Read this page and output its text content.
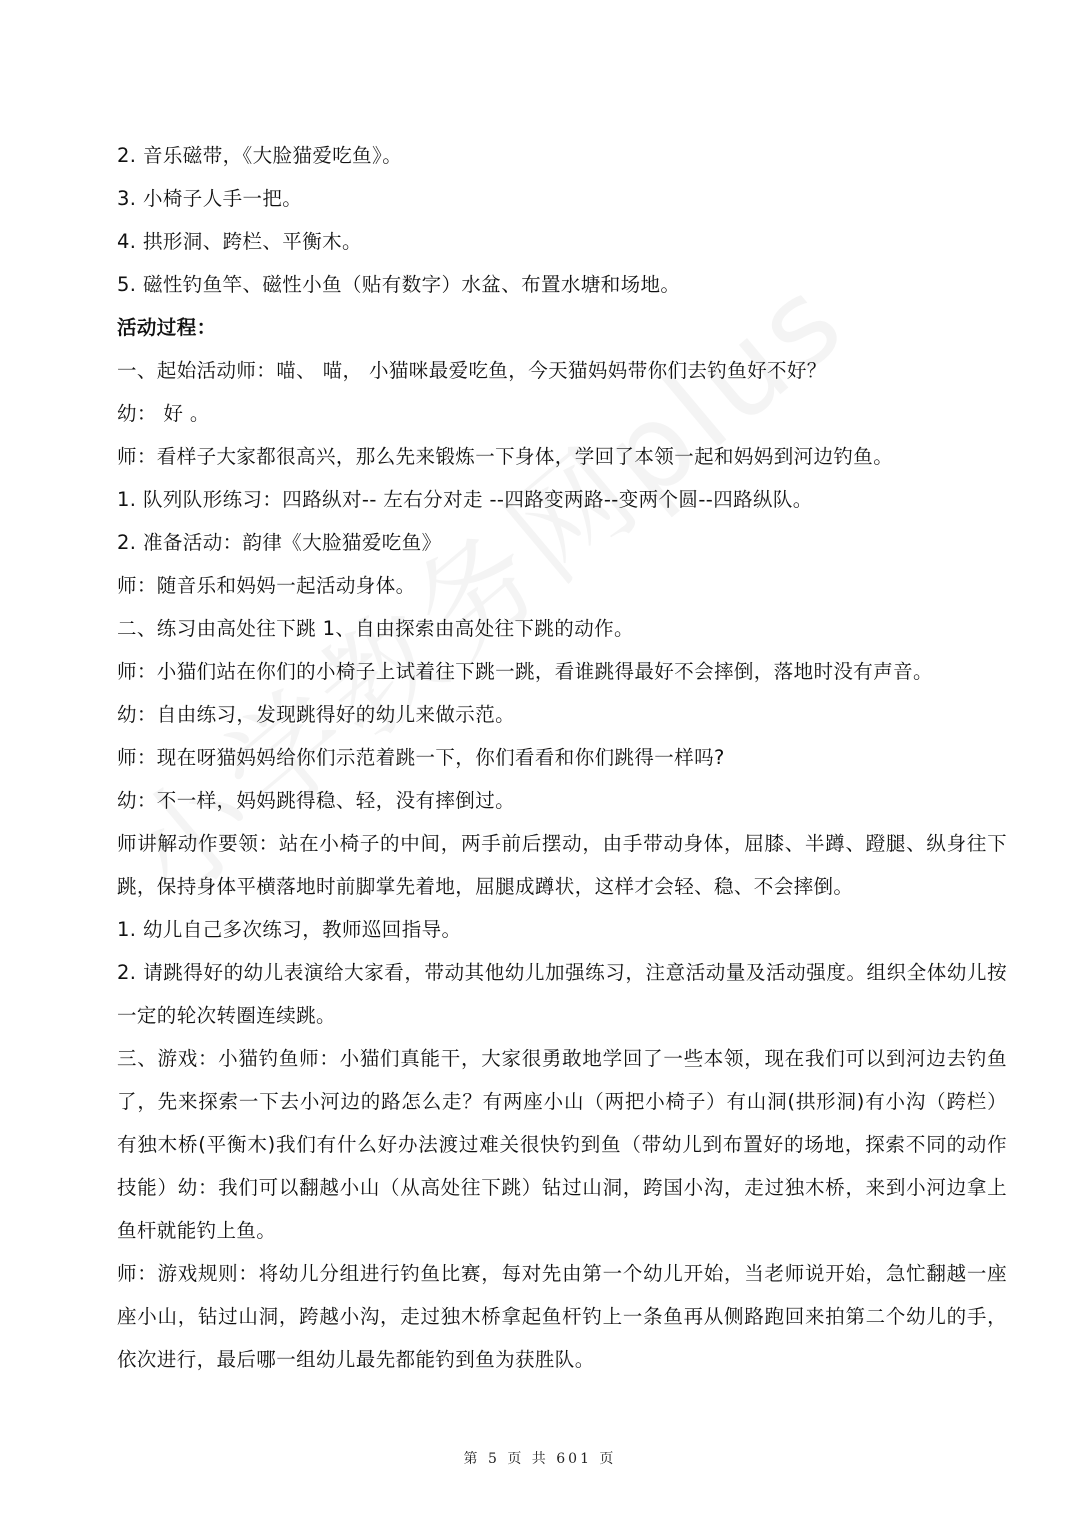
2. 音乐磁带，《大脸猫爱吃鱼》。

3. 小椅子人手一把。

4. 拱形洞、跨栏、平衡木。

5. 磁性钓鱼竿、磁性小鱼（贴有数字）水盆、布置水塘和场地。

活动过程：

一、起始活动师：喵、 喵， 小猫咪最爱吃鱼，今天猫妈妈带你们去钓鱼好不好？

幼： 好 。

师：看样子大家都很高兴，那么先来锻炼一下身体，学回了本领一起和妈妈到河边钓鱼。

1. 队列队形练习：四路纵对-- 左右分对走 --四路变两路--变两个圆--四路纵队。

2. 准备活动：韵律《大脸猫爱吃鱼》

师：随音乐和妈妈一起活动身体。

二、练习由高处往下跳 1、自由探索由高处往下跳的动作。

师：小猫们站在你们的小椅子上试着往下跳一跳，看谁跳得最好不会摔倒，落地时没有声音。

幼：自由练习，发现跳得好的幼儿来做示范。

师：现在呀猫妈妈给你们示范着跳一下，你们看看和你们跳得一样吗?

幼：不一样，妈妈跳得稳、轻，没有摔倒过。

师讲解动作要领：站在小椅子的中间，两手前后摆动，由手带动身体，屈膝、半蹲、蹬腿、纵身往下跳，保持身体平横落地时前脚掌先着地，屈腿成蹲状，这样才会轻、稳、不会摔倒。

1. 幼儿自己多次练习，教师巡回指导。

2. 请跳得好的幼儿表演给大家看，带动其他幼儿加强练习，注意活动量及活动强度。组织全体幼儿按一定的轮次转圈连续跳。

三、游戏：小猫钓鱼师：小猫们真能干，大家很勇敢地学回了一些本领，现在我们可以到河边去钓鱼了，先来探索一下去小河边的路怎么走？有两座小山（两把小椅子）有山洞(拱形洞)有小沟（跨栏）有独木桥(平衡木)我们有什么好办法渡过难关很快钓到鱼（带幼儿到布置好的场地，探索不同的动作技能）幼：我们可以翻越小山（从高处往下跳）钻过山洞，跨国小沟，走过独木桥，来到小河边拿上鱼杆就能钓上鱼。

师：游戏规则：将幼儿分组进行钓鱼比赛，每对先由第一个幼儿开始，当老师说开始，急忙翻越一座座小山，钻过山洞，跨越小沟，走过独木桥拿起鱼杆钓上一条鱼再从侧路跑回来拍第二个幼儿的手，依次进行，最后哪一组幼儿最先都能钓到鱼为获胜队。

第 5 页 共 601 页
